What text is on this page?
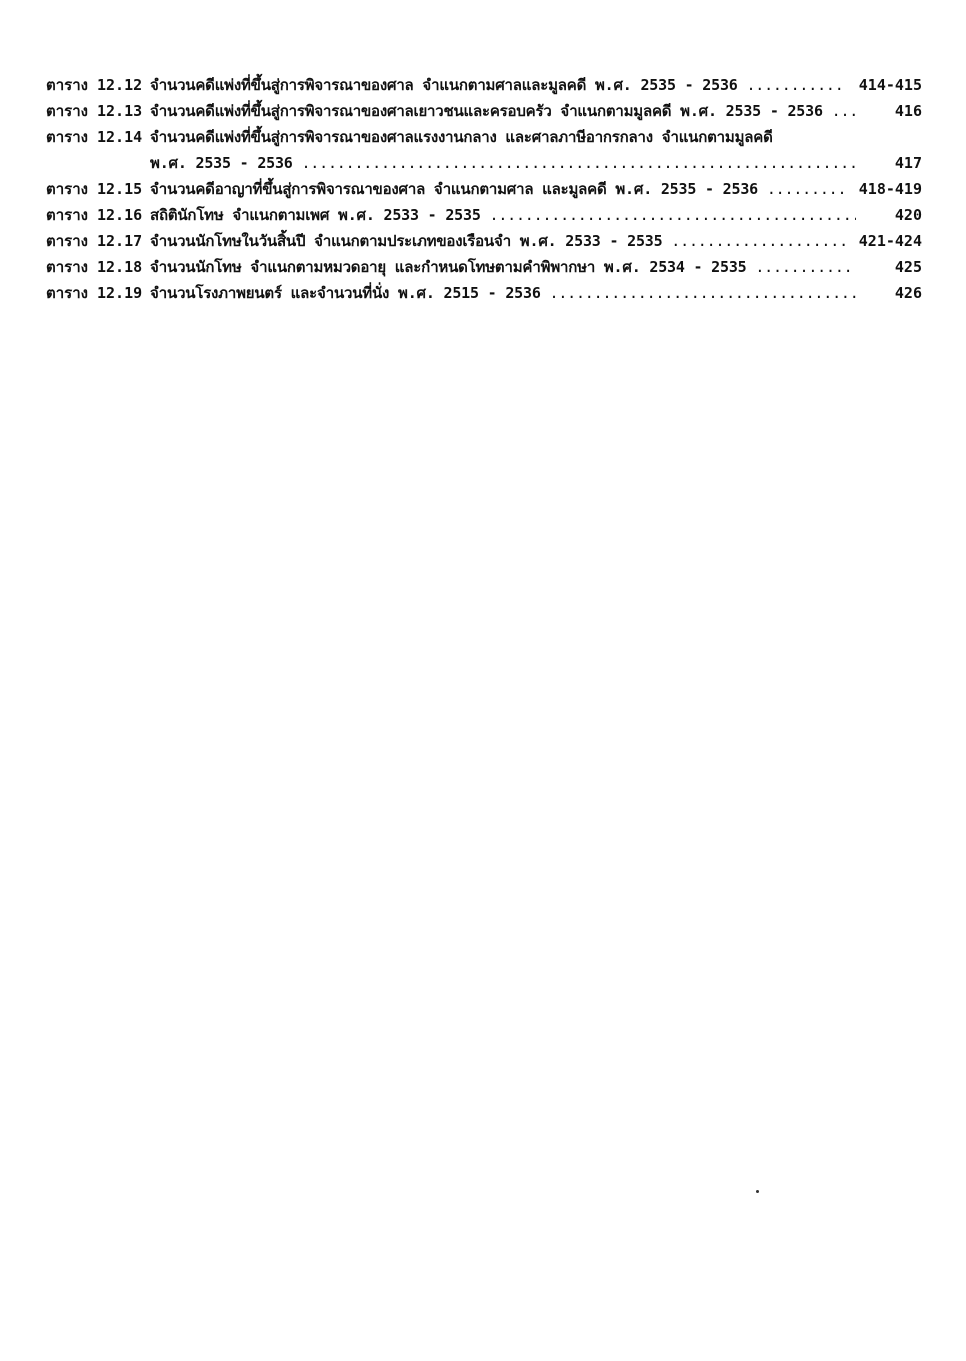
ตาราง 12.12 จำนวนคดีแพ่งที่ขึ้นสู่การพิจารณาของศาล จำแนกตามศาลและมูลคดี พ.ศ. 2535 - 2536 .....	414-415
ตาราง 12.13 จำนวนคดีแพ่งที่ขึ้นสู่การพิจารณาของศาลเยาวชนและครอบครัว จำแนกตามมูลคดี พ.ศ. 2535 - 2536 .....	416
ตาราง 12.14 จำนวนคดีแพ่งที่ขึ้นสู่การพิจารณาของศาลแรงงานกลาง และศาลภาษีอากรกลาง จำแนกตามมูลคดี
พ.ศ. 2535 - 2536 .....	417
ตาราง 12.15 จำนวนคดีอาญาที่ขึ้นสู่การพิจารณาของศาล จำแนกตามศาล และมูลคดี พ.ศ. 2535 - 2536 .....	418-419
ตาราง 12.16 สถิตินักโทษ จำแนกตามเพศ พ.ศ. 2533 - 2535 .....	420
ตาราง 12.17 จำนวนนักโทษในวันสิ้นปี จำแนกตามประเภทของเรือนจำ พ.ศ. 2533 - 2535 .....	421-424
ตาราง 12.18 จำนวนนักโทษ จำแนกตามหมวดอายุ และกำหนดโทษตามคำพิพากษา พ.ศ. 2534 - 2535 .....	425
ตาราง 12.19 จำนวนโรงภาพยนตร์ และจำนวนที่นั่ง พ.ศ. 2515 - 2536 .....	426
